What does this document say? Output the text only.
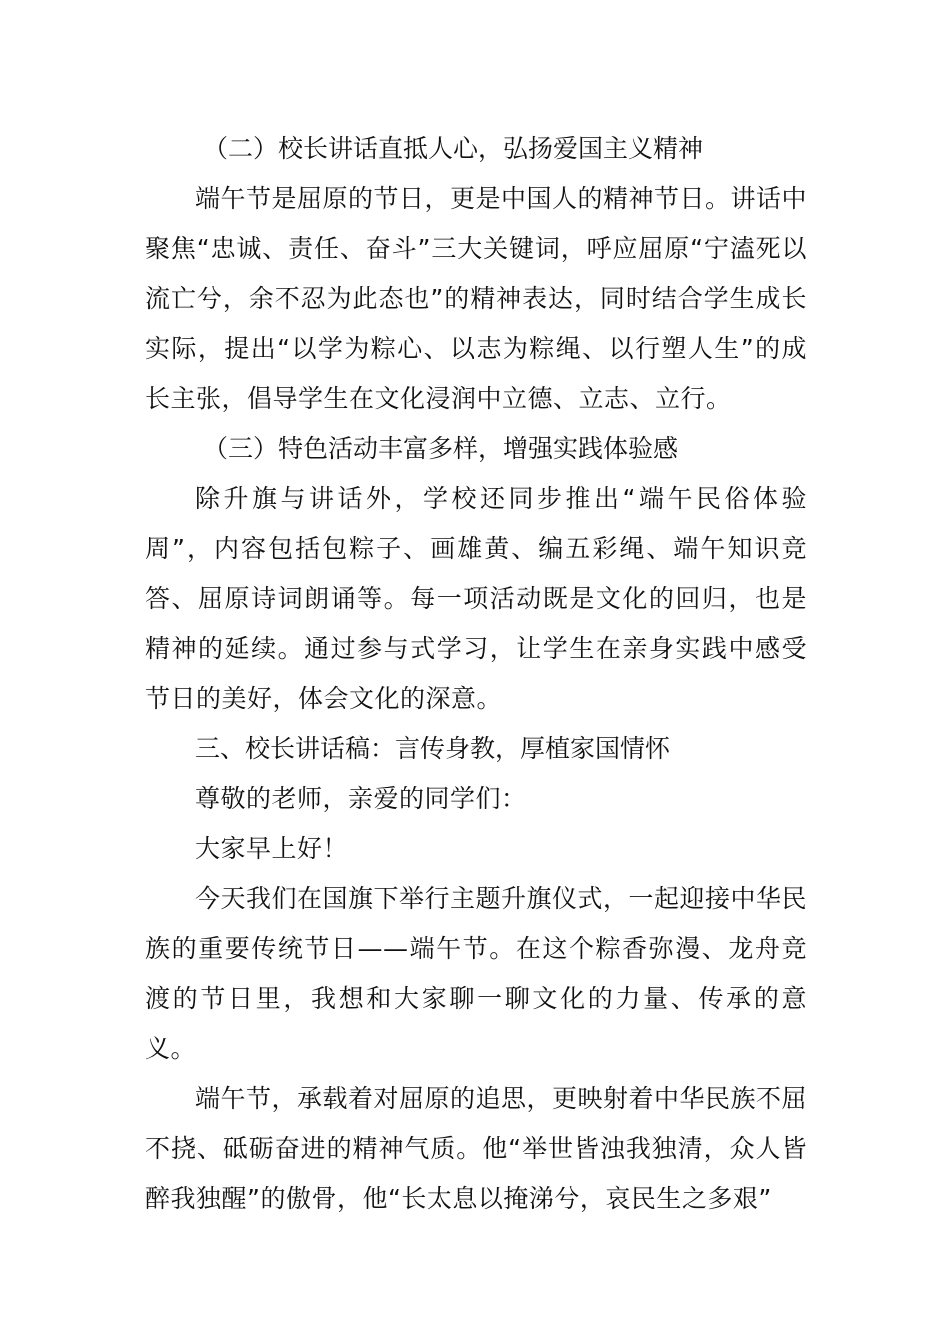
（二）校长讲话直抵人心，弘扬爱国主义精神

端午节是屈原的节日，更是中国人的精神节日。讲话中聚焦“忠诚、责任、奋斗”三大关键词，呼应屈原“宁溘死以流亡兮，余不忍为此态也”的精神表达，同时结合学生成长实际，提出“以学为粽心、以志为粽绳、以行塑人生”的成长主张，倡导学生在文化浸润中立德、立志、立行。

（三）特色活动丰富多样，增强实践体验感

除升旗与讲话外，学校还同步推出“端午民俗体验周”，内容包括包粽子、画雄黄、编五彩绳、端午知识竞答、屈原诗词朗诵等。每一项活动既是文化的回归，也是精神的延续。通过参与式学习，让学生在亲身实践中感受节日的美好，体会文化的深意。

三、校长讲话稿：言传身教，厚植家国情怀

尊敬的老师，亲爱的同学们：

大家早上好！

今天我们在国旗下举行主题升旗仪式，一起迎接中华民族的重要传统节日——端午节。在这个粽香弥漫、龙舟竞渡的节日里，我想和大家聊一聊文化的力量、传承的意义。

端午节，承载着对屈原的追思，更映射着中华民族不屈不挠、砥砺奋进的精神气质。他“举世皆浊我独清，众人皆醉我独醒”的傲骨，他“长太息以掩涕兮，哀民生之多艰”
